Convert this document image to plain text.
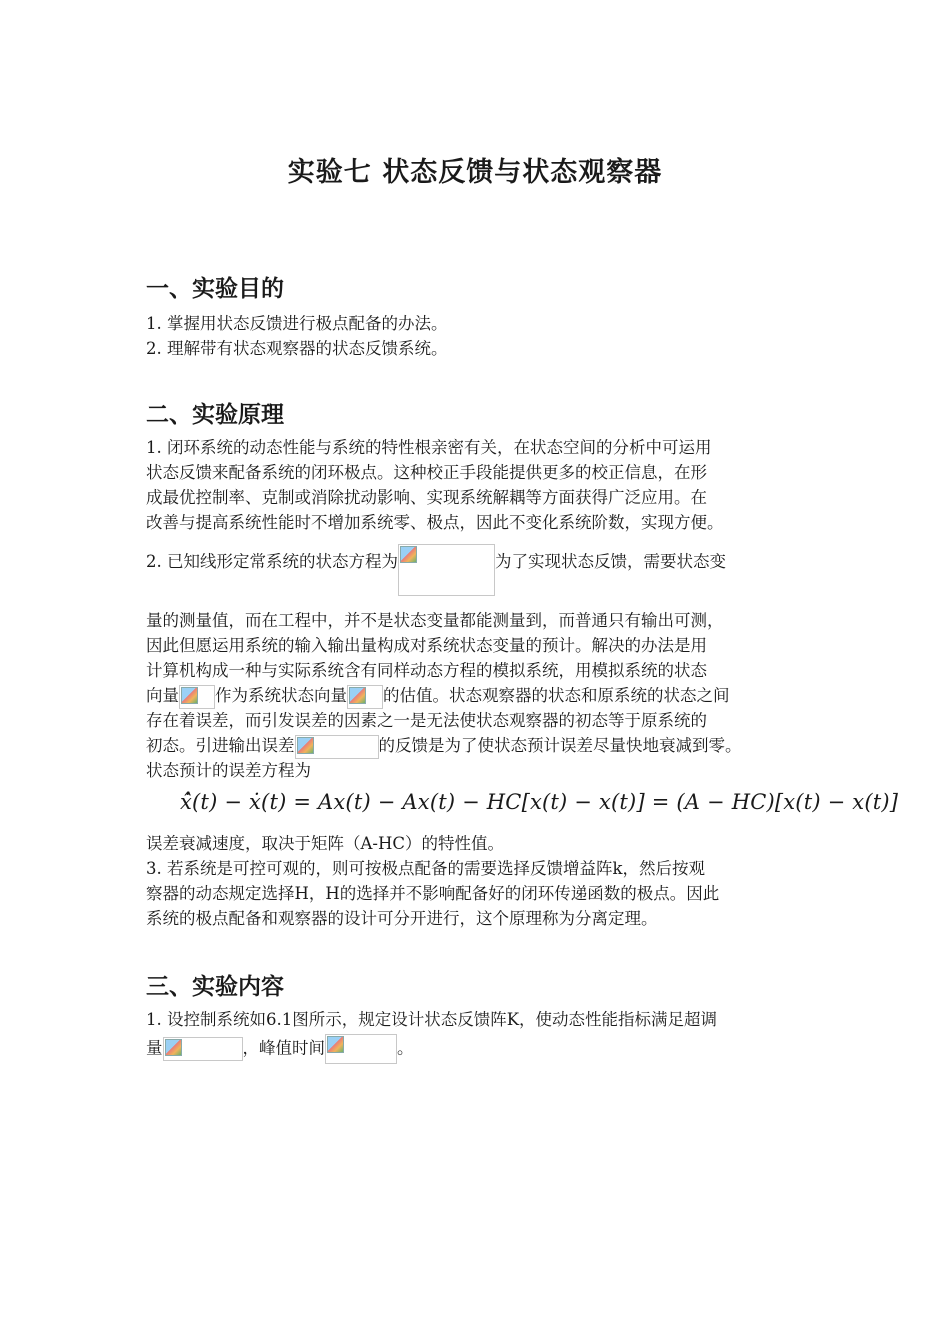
实验七 状态反馈与状态观察器
一、实验目的
1. 掌握用状态反馈进行极点配备的办法。
2. 理解带有状态观察器的状态反馈系统。
二、实验原理
1. 闭环系统的动态性能与系统的特性根亲密有关，在状态空间的分析中可运用
状态反馈来配备系统的闭环极点。这种校正手段能提供更多的校正信息，在形
成最优控制率、克制或消除扰动影响、实现系统解耦等方面获得广泛应用。在
改善与提高系统性能时不增加系统零、极点，因此不变化系统阶数，实现方便。
2. 已知线形定常系统的状态方程为	为了实现状态反馈，需要状态变
量的测量值，而在工程中，并不是状态变量都能测量到，而普通只有输出可测，
因此但愿运用系统的输入输出量构成对系统状态变量的预计。解决的办法是用
计算机构成一种与实际系统含有同样动态方程的模拟系统，用模拟系统的状态
向量 作为系统状态向量 的估值。状态观察器的状态和原系统的状态之间
存在着误差，而引发误差的因素之一是无法使状态观察器的初态等于原系统的
初态。引进输出误差	的反馈是为了使状态预计误差尽量快地衰减到零。
状态预计的误差方程为
x̂̇(t) − ẋ(t) = Ax(t) − Ax(t) − HC[x(t) − x(t)] = (A − HC)[x(t) − x(t)]
误差衰减速度，取决于矩阵（A-HC）的特性值。
3. 若系统是可控可观的，则可按极点配备的需要选择反馈增益阵k，然后按观
察器的动态规定选择H，H的选择并不影响配备好的闭环传递函数的极点。因此
系统的极点配备和观察器的设计可分开进行，这个原理称为分离定理。
三、实验内容
1. 设控制系统如6.1图所示，规定设计状态反馈阵K，使动态性能指标满足超调
量	，峰值时间	。
